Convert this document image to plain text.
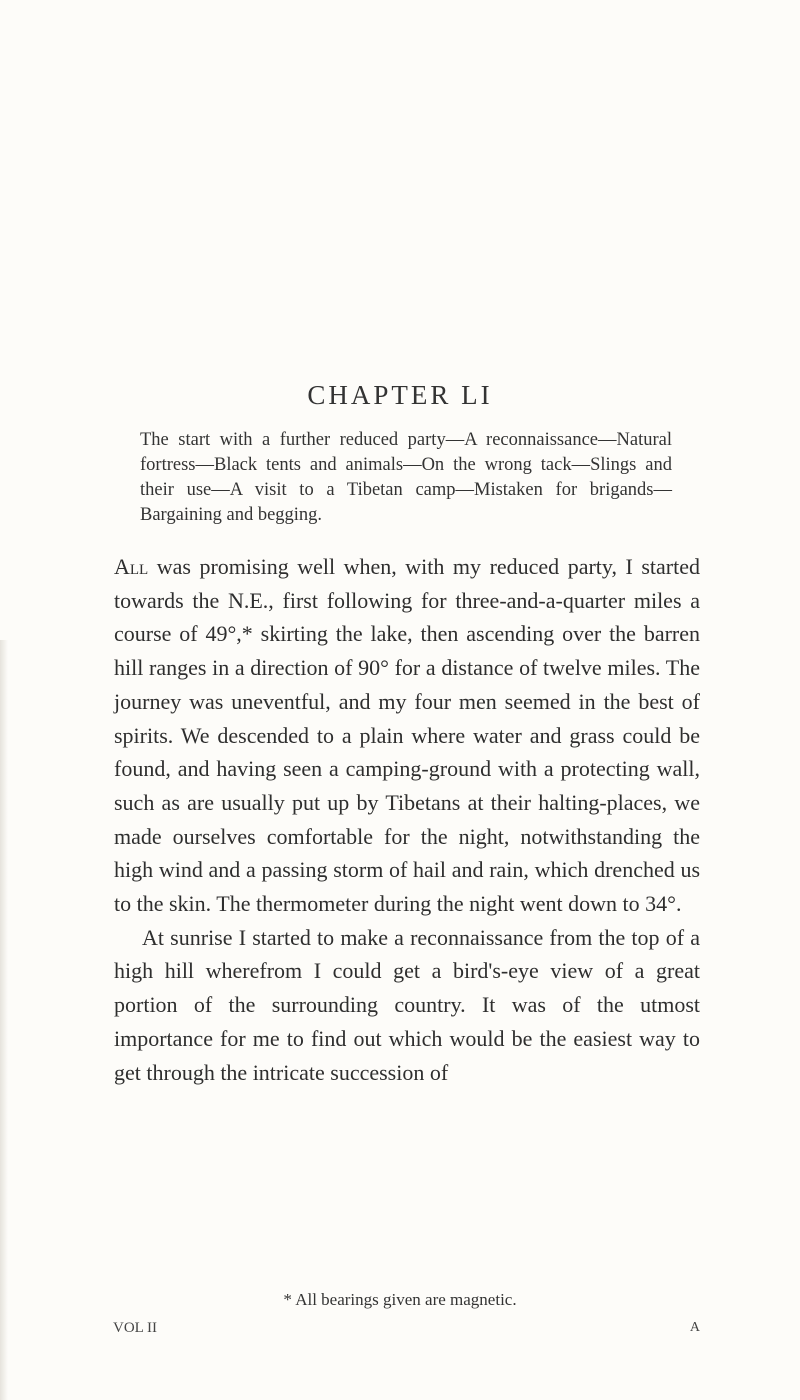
CHAPTER LI

The start with a further reduced party—A reconnaissance—Natural fortress—Black tents and animals—On the wrong tack—Slings and their use—A visit to a Tibetan camp—Mistaken for brigands—Bargaining and begging.

All was promising well when, with my reduced party, I started towards the N.E., first following for three-and-a-quarter miles a course of 49°,* skirting the lake, then ascending over the barren hill ranges in a direction of 90° for a distance of twelve miles. The journey was uneventful, and my four men seemed in the best of spirits. We descended to a plain where water and grass could be found, and having seen a camping-ground with a protecting wall, such as are usually put up by Tibetans at their halting-places, we made ourselves comfortable for the night, notwithstanding the high wind and a passing storm of hail and rain, which drenched us to the skin. The thermometer during the night went down to 34°.

At sunrise I started to make a reconnaissance from the top of a high hill wherefrom I could get a bird's-eye view of a great portion of the surrounding country. It was of the utmost importance for me to find out which would be the easiest way to get through the intricate succession of

* All bearings given are magnetic.
VOL II	A
